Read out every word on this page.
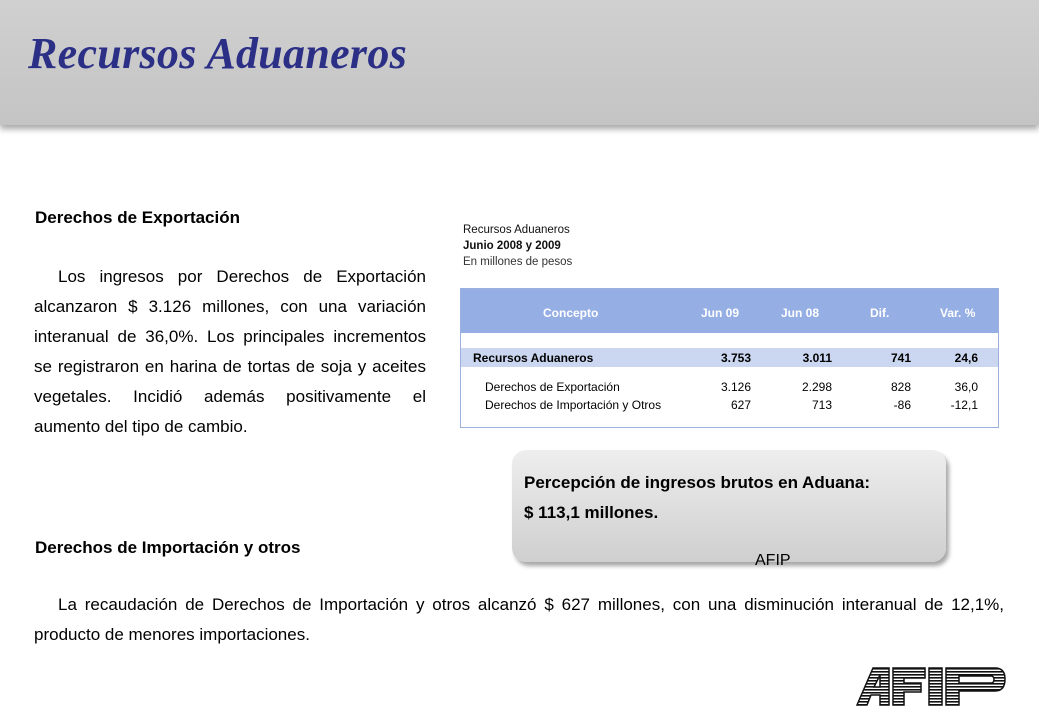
Recursos Aduaneros

Derechos de Exportación

Los ingresos por Derechos de Exportación alcanzaron $ 3.126 millones, con una variación interanual de 36,0%. Los principales incrementos se registraron en harina de tortas de soja y aceites vegetales. Incidió además positivamente el aumento del tipo de cambio.

Recursos Aduaneros
Junio 2008 y 2009
En millones de pesos
Concepto	Jun 09	Jun 08	Dif.	Var. %
Recursos Aduaneros	3.753	3.011	741	24,6
Derechos de Exportación	3.126	2.298	828	36,0
Derechos de Importación y Otros	627	713	-86	-12,1

Percepción de ingresos brutos en Aduana:
$ 113,1 millones.

Derechos de Importación y otros

La recaudación de Derechos de Importación y otros alcanzó $ 627 millones, con una disminución interanual de 12,1%, producto de menores importaciones.

AFIP
